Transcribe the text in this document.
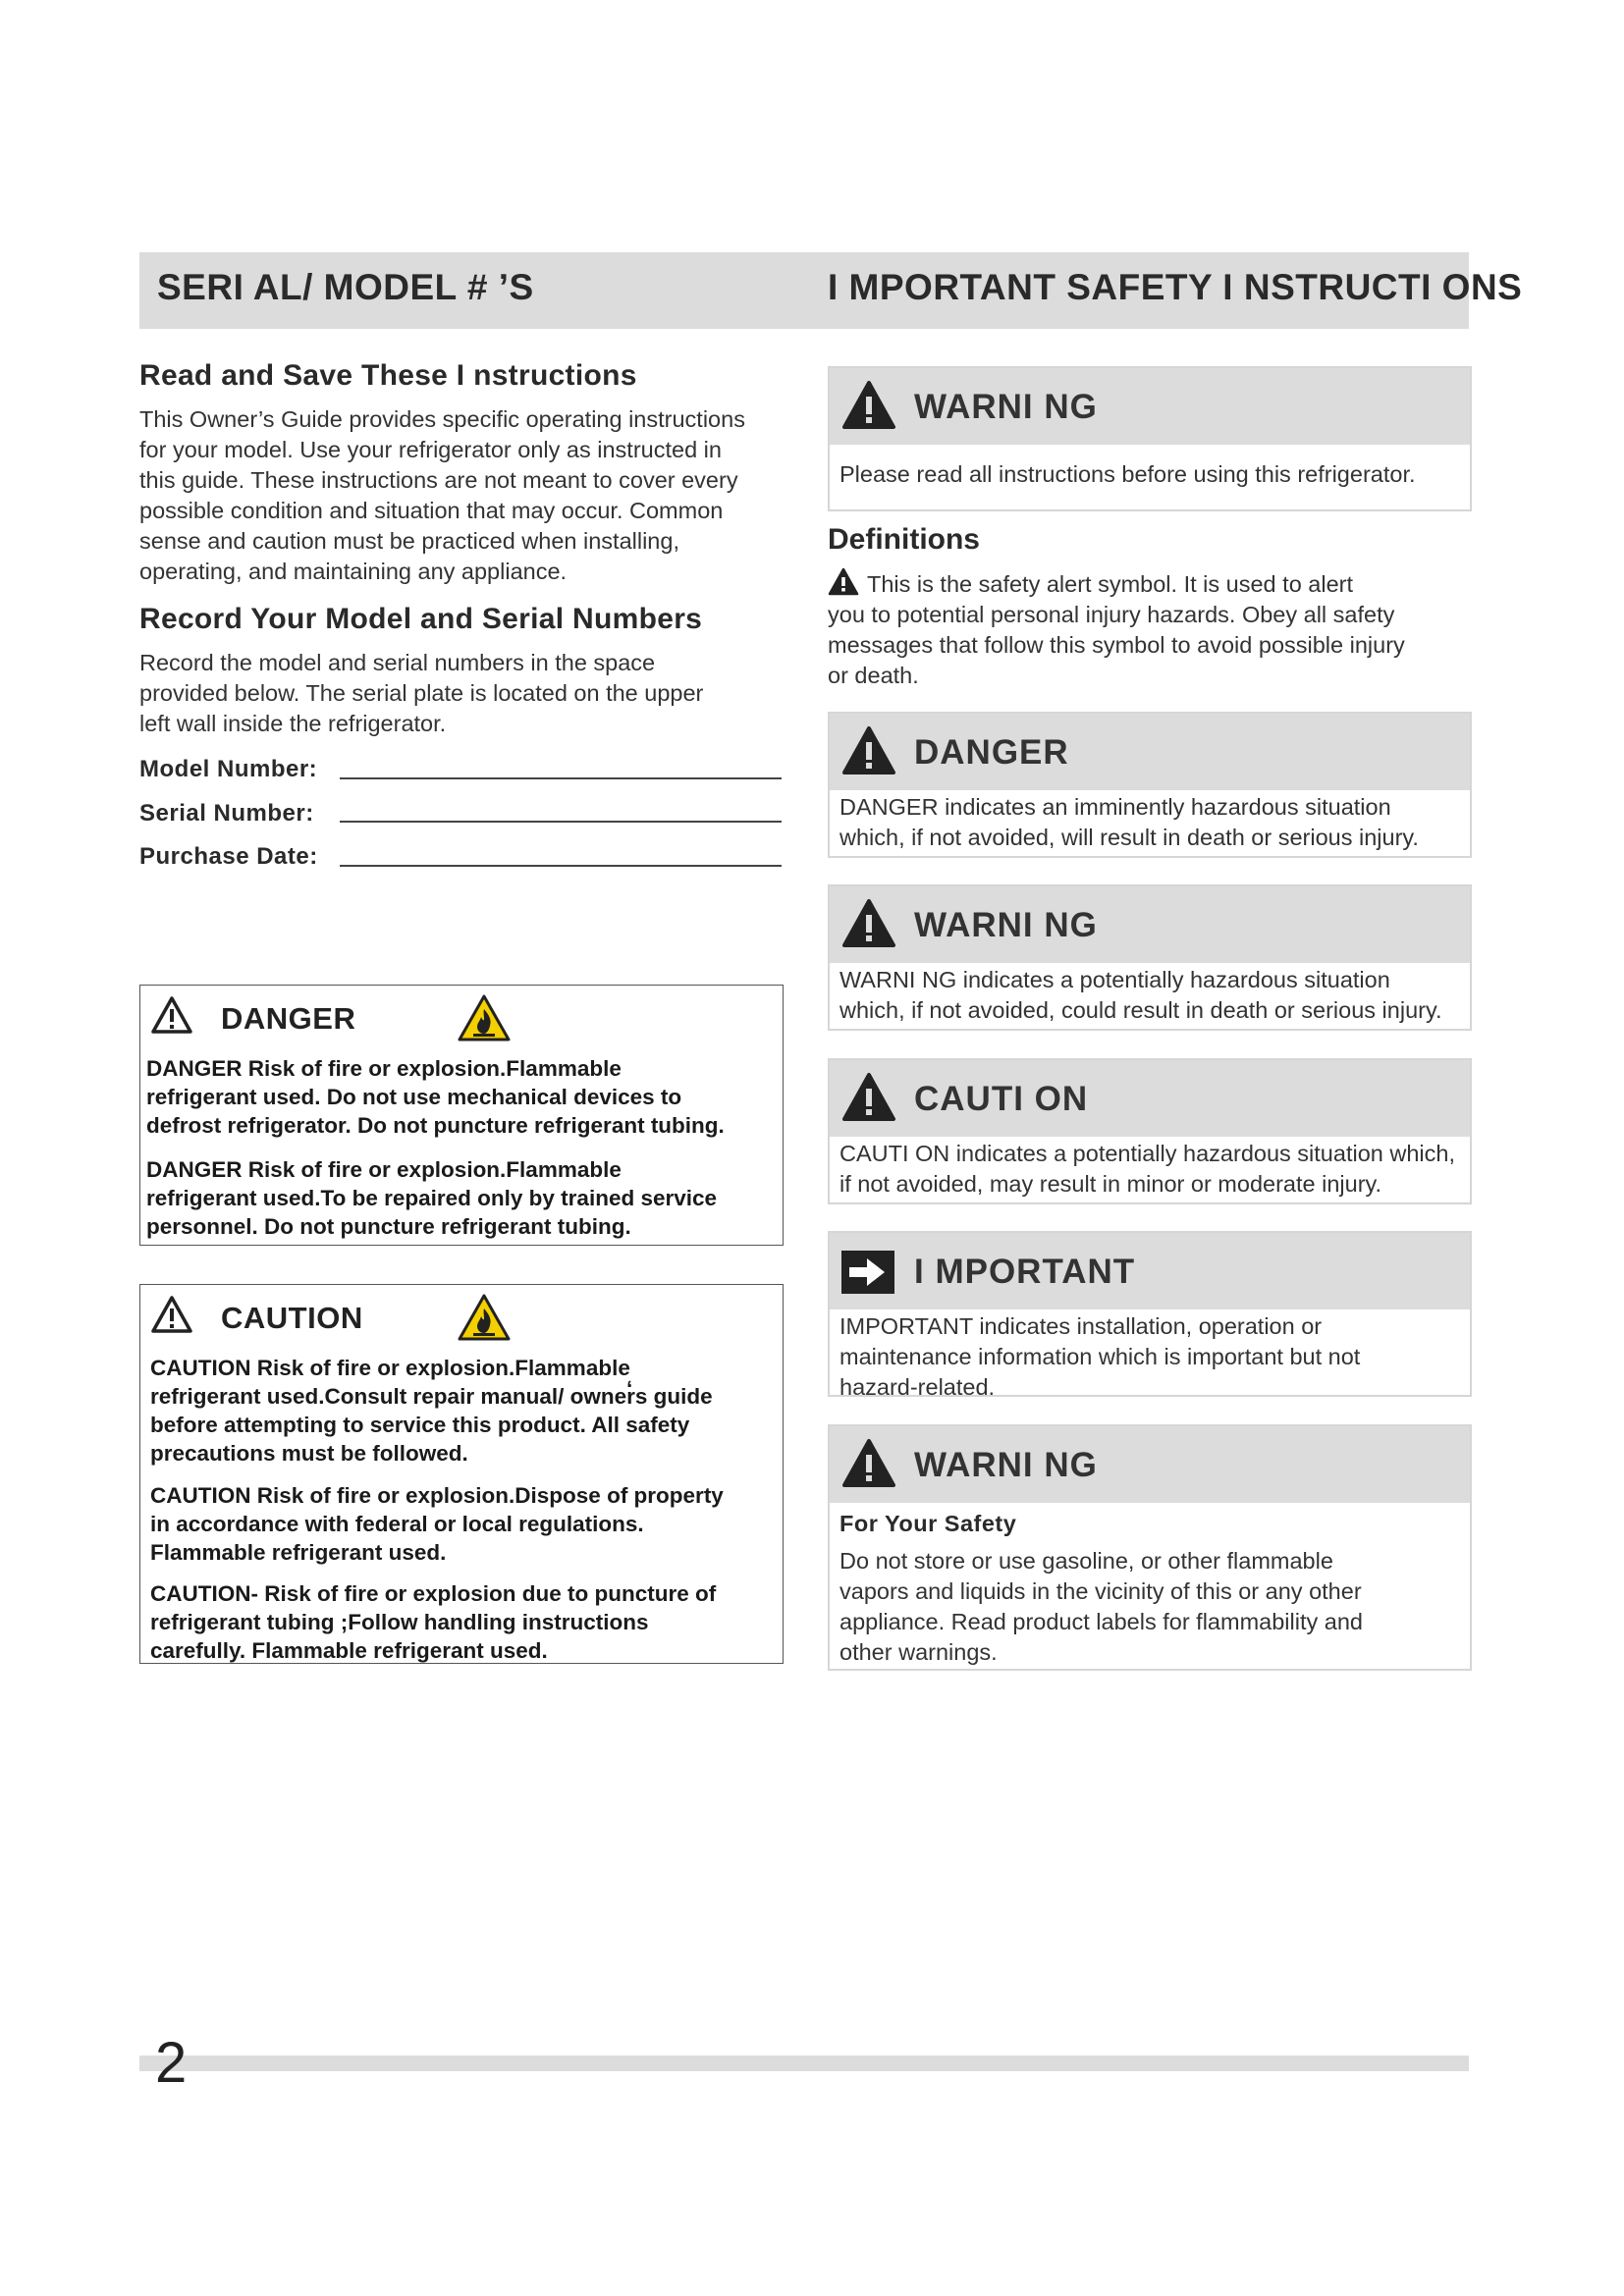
SERI AL/ MODEL # ’S	I MPORTANT SAFETY I NSTRUCTI ONS
Read and Save These I nstructions
This Owner’s Guide provides specific operating instructions
for your model. Use your refrigerator only as instructed in
this guide. These instructions are not meant to cover every
possible condition and situation that may occur. Common
sense and caution must be practiced when installing,
operating, and maintaining any appliance.
Record Your Model and Serial Numbers
Record the model and serial numbers in the space
provided below. The serial plate is located on the upper
left wall inside the refrigerator.
Model Number:
Serial Number:
Purchase Date:
DANGER
DANGER Risk of fire or explosion.Flammable
refrigerant used. Do not use mechanical devices to
defrost refrigerator. Do not puncture refrigerant tubing.
DANGER Risk of fire or explosion.Flammable
refrigerant used.To be repaired only by trained service
personnel. Do not puncture refrigerant tubing.
CAUTION
CAUTION Risk of fire or explosion.Flammable
refrigerant used.Consult repair manual/ owner̒s guide
before attempting to service this product. All safety
precautions must be followed.
CAUTION Risk of fire or explosion.Dispose of property
in accordance with federal or local regulations.
Flammable refrigerant used.
CAUTION- Risk of fire or explosion due to puncture of
refrigerant tubing ;Follow handling instructions
carefully. Flammable refrigerant used.
WARNI NG
Please read all instructions before using this refrigerator.
Definitions
This is the safety alert symbol. It is used to alert
you to potential personal injury hazards. Obey all safety
messages that follow this symbol to avoid possible injury
or death.
DANGER
DANGER indicates an imminently hazardous situation
which, if not avoided, will result in death or serious injury.
WARNI NG
WARNI NG indicates a potentially hazardous situation
which, if not avoided, could result in death or serious injury.
CAUTI ON
CAUTI ON indicates a potentially hazardous situation which,
if not avoided, may result in minor or moderate injury.
I MPORTANT
IMPORTANT indicates installation, operation or
maintenance information which is important but not
hazard-related.
WARNI NG
For Your Safety
Do not store or use gasoline, or other flammable
vapors and liquids in the vicinity of this or any other
appliance. Read product labels for flammability and
other warnings.
2
